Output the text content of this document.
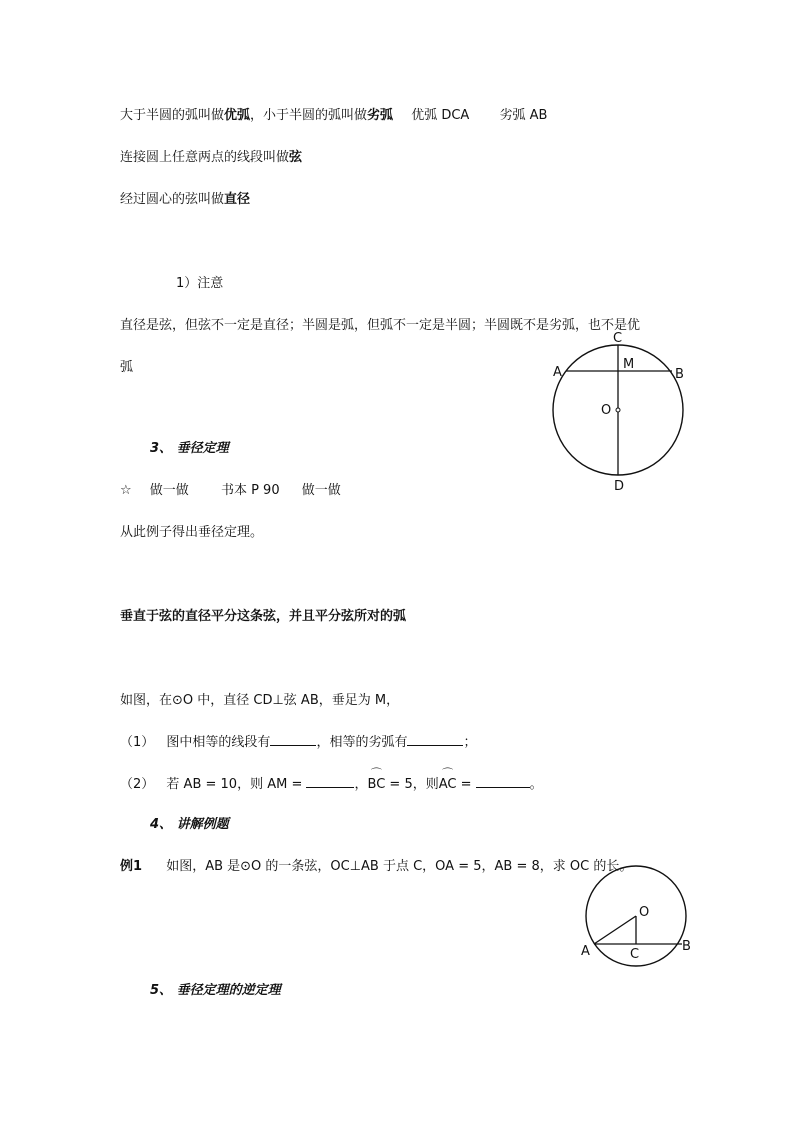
大于半圆的弧叫做优弧，小于半圆的弧叫做劣弧 优弧 DCA 劣弧 AB
连接圆上任意两点的线段叫做弦
经过圆心的弦叫做直径
1）注意
直径是弦，但弦不一定是直径；半圆是弧，但弧不一定是半圆；半圆既不是劣弧，也不是优
弧
C
M
A	B
O
D
3、 垂径定理
☆ 做一做 书本 P 90 做一做
从此例子得出垂径定理。
垂直于弦的直径平分这条弦，并且平分弦所对的弧
如图，在⊙O 中，直径 CD⊥弦 AB，垂足为 M，
（1） 图中相等的线段有	，相等的劣弧有	；
（2） 若 AB = 10，则 AM =	，⌒ BC = 5，则⌒ AC =	。
4、 讲解例题
例1 如图，AB 是⊙O 的一条弦，OC⊥AB 于点 C，OA = 5，AB = 8，求 OC 的长。
O
A	C
B
5、 垂径定理的逆定理
